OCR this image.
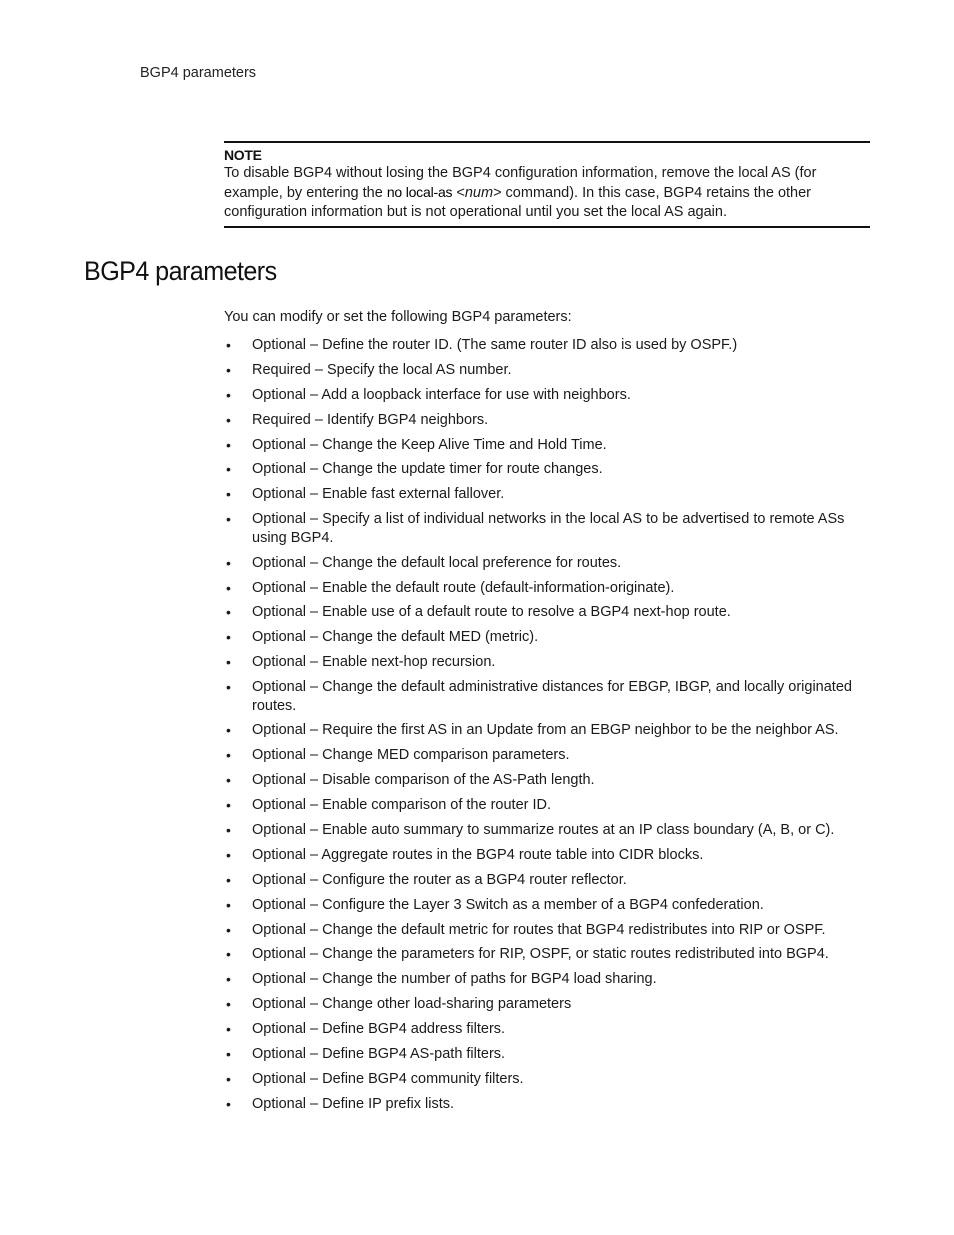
BGP4 parameters
NOTE
To disable BGP4 without losing the BGP4 configuration information, remove the local AS (for example, by entering the no local-as <num> command). In this case, BGP4 retains the other configuration information but is not operational until you set the local AS again.
BGP4 parameters

You can modify or set the following BGP4 parameters:

• Optional – Define the router ID. (The same router ID also is used by OSPF.)
• Required – Specify the local AS number.
• Optional – Add a loopback interface for use with neighbors.
• Required – Identify BGP4 neighbors.
• Optional – Change the Keep Alive Time and Hold Time.
• Optional – Change the update timer for route changes.
• Optional – Enable fast external fallover.
• Optional – Specify a list of individual networks in the local AS to be advertised to remote ASs using BGP4.
• Optional – Change the default local preference for routes.
• Optional – Enable the default route (default-information-originate).
• Optional – Enable use of a default route to resolve a BGP4 next-hop route.
• Optional – Change the default MED (metric).
• Optional – Enable next-hop recursion.
• Optional – Change the default administrative distances for EBGP, IBGP, and locally originated routes.
• Optional – Require the first AS in an Update from an EBGP neighbor to be the neighbor AS.
• Optional – Change MED comparison parameters.
• Optional – Disable comparison of the AS-Path length.
• Optional – Enable comparison of the router ID.
• Optional – Enable auto summary to summarize routes at an IP class boundary (A, B, or C).
• Optional – Aggregate routes in the BGP4 route table into CIDR blocks.
• Optional – Configure the router as a BGP4 router reflector.
• Optional – Configure the Layer 3 Switch as a member of a BGP4 confederation.
• Optional – Change the default metric for routes that BGP4 redistributes into RIP or OSPF.
• Optional – Change the parameters for RIP, OSPF, or static routes redistributed into BGP4.
• Optional – Change the number of paths for BGP4 load sharing.
• Optional – Change other load-sharing parameters
• Optional – Define BGP4 address filters.
• Optional – Define BGP4 AS-path filters.
• Optional – Define BGP4 community filters.
• Optional – Define IP prefix lists.
